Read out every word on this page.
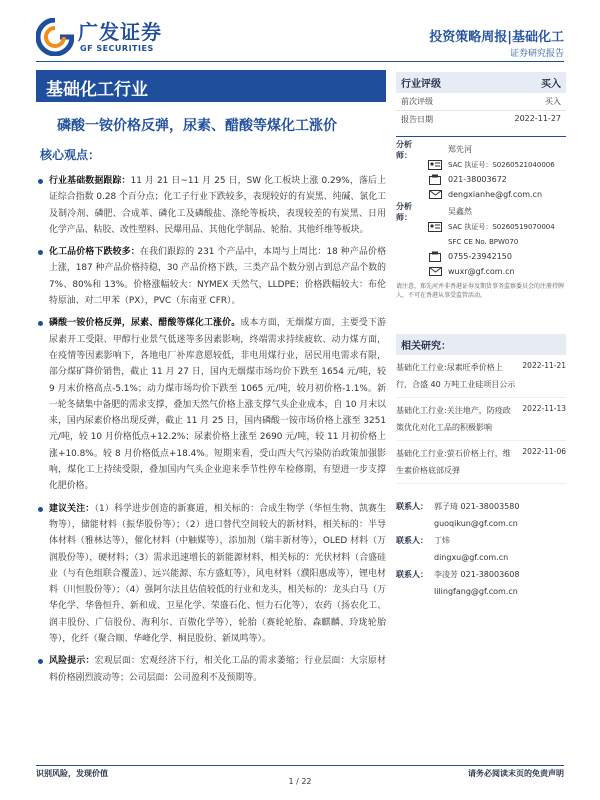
广发证券
GF SECURITIES
投资策略周报|基础化工
证券研究报告
基础化工行业
磷酸一铵价格反弹，尿素、醋酸等煤化工涨价
核心观点：
行业基础数据跟踪：11 月 21 日~11 月 25 日，SW 化工板块上涨 0.29%，落后上证综合指数 0.28 个百分点；化工子行业下跌较多，表现较好的有炭黑、纯碱、氯化工及制冷剂、磷肥、合成革、磷化工及磷酸盐、涤纶等板块，表现较差的有炭黑、日用化学产品、粘胶、改性塑料、民爆用品、其他化学制品、轮胎、其他纤维等板块。
化工品价格下跌较多：在我们跟踪的 231 个产品中，本周与上周比：18 种产品价格上涨，187 种产品价格持稳，30 产品价格下跌，三类产品个数分别占到总产品个数的 7%、80%和 13%。价格涨幅较大：NYMEX 天然气，LLDPE；价格跌幅较大：布伦特原油、对二甲苯（PX），PVC（东南亚 CFR）。
磷酸一铵价格反弹，尿素、醋酸等煤化工涨价。成本方面，无烟煤方面，主要受下游尿素开工受限、甲醇行业景气低迷等多因素影响，终端需求持续疲软、动力煤方面，在疫情等因素影响下，各地电厂补库意愿较低，非电用煤行业，居民用电需求有限，部分煤矿降价销售，截止 11 月 27 日，国内无烟煤市场均价下跌至 1654 元/吨，较 9 月末价格高点-5.1%；动力煤市场均价下跌至 1065 元/吨，较月初价格-1.1%。新一轮冬储集中备肥的需求支撑，叠加天然气价格上涨支撑气头企业成本，自 10 月末以来，国内尿素价格出现反弹，截止 11 月 25 日，国内磷酸一铵市场价格上涨至 3251 元/吨，较 10 月价格低点+12.2%；尿素价格上涨至 2690 元/吨，较 11 月初价格上涨+10.8%。较 8 月价格低点+18.4%。短期来看，受山西大气污染防治政策加强影响，煤化工上持续受限，叠加国内气头企业迎来季节性停车检修期，有望进一步支撑化肥价格。
建议关注：（1）科学进步创造的新赛道，相关标的：合成生物学（华恒生物、凯赛生物等），储能材料（振华股份等）；（2）进口替代空间较大的新材料，相关标的：半导体材料（雅林达等），催化材料（中触媒等），添加剂（瑞丰新材等），OLED 材料（万润股份等），硬材料；（3）需求迅速增长的新能源材料，相关标的：光伏材料（合盛硅业（与有色组联合覆盖）、远兴能源、东方盛虹等），风电材料（濮阳惠成等），锂电材料（川恒股份等）；（4）强阿尔法且估值较低的行业和龙头，相关标的：龙头白马（万华化学、华鲁恒升、新和成、卫星化学、荣盛石化、恒力石化等），农药（扬农化工、润丰股份、广信股份、海利尔、百傲化学等），轮胎（赛轮轮胎、森麒麟、玲珑轮胎等），化纤（聚合顺、华峰化学、桐昆股份、新凤鸣等）。
风险提示：宏观层面：宏观经济下行，相关化工品的需求萎缩；行业层面：大宗原材料价格剧烈波动等；公司层面：公司盈利不及预期等。
行业评级	买入
前次评级	买入
报告日期	2022-11-27
分析师：
郑先河
SAC 执证号：S0260521040006
021-38003672
dengxianhe@gf.com.cn
分析师：
吴鑫然
SAC 执证号：S0260519070004
SFC CE No. BPW070
0755-23942150
wuxr@gf.com.cn
请注意，郑先河并非香港证券及期货事务监察委员会的注册持牌人，不可在香港从事受监管活动。
相关研究：
基础化工行业:尿素旺季价格上行，合盛 40 万吨工业硅项目公示
2022-11-21
基础化工行业:关注地产，防疫政策优化对化工品的积极影响
2022-11-13
基础化工行业:萤石价格上行，维生素价格底部反弹
2022-11-06
联系人： 郭子琦 021-38003580
guoqikun@gf.com.cn
联系人： 丁炜
dingxu@gf.com.cn
联系人： 李凌芳 021-38003608
lilingfang@gf.com.cn
识别风险，发现价值	请务必阅读末页的免责声明
1 / 22
